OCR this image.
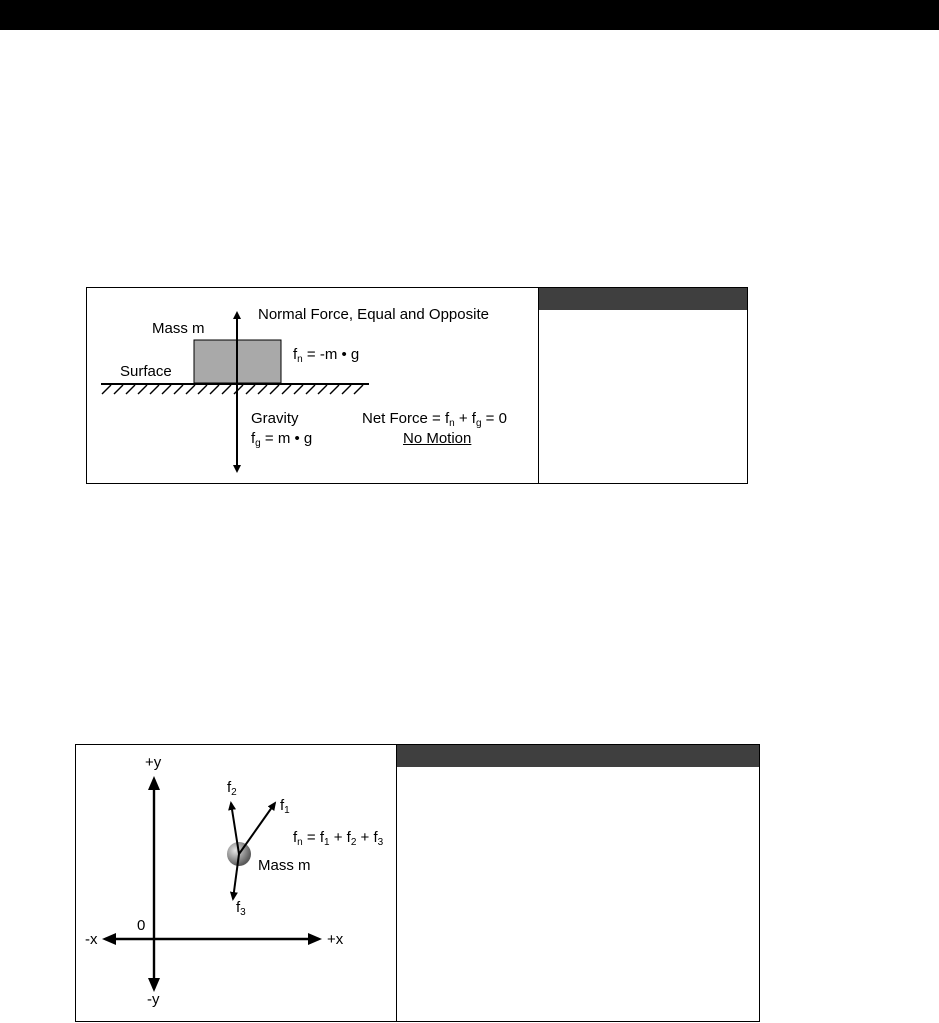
Normal Force, Equal and Opposite
Mass m
Surface
$f_n = -m$ • g
Gravity
$f_g = m$ • g
Net Force = $f_n + f_g = 0$
No Motion
+y
-y
+x
-x
0
$f_2$
$f_1$
$f_3$
$f_n = f_1 + f_2 + f_3$
Mass m
